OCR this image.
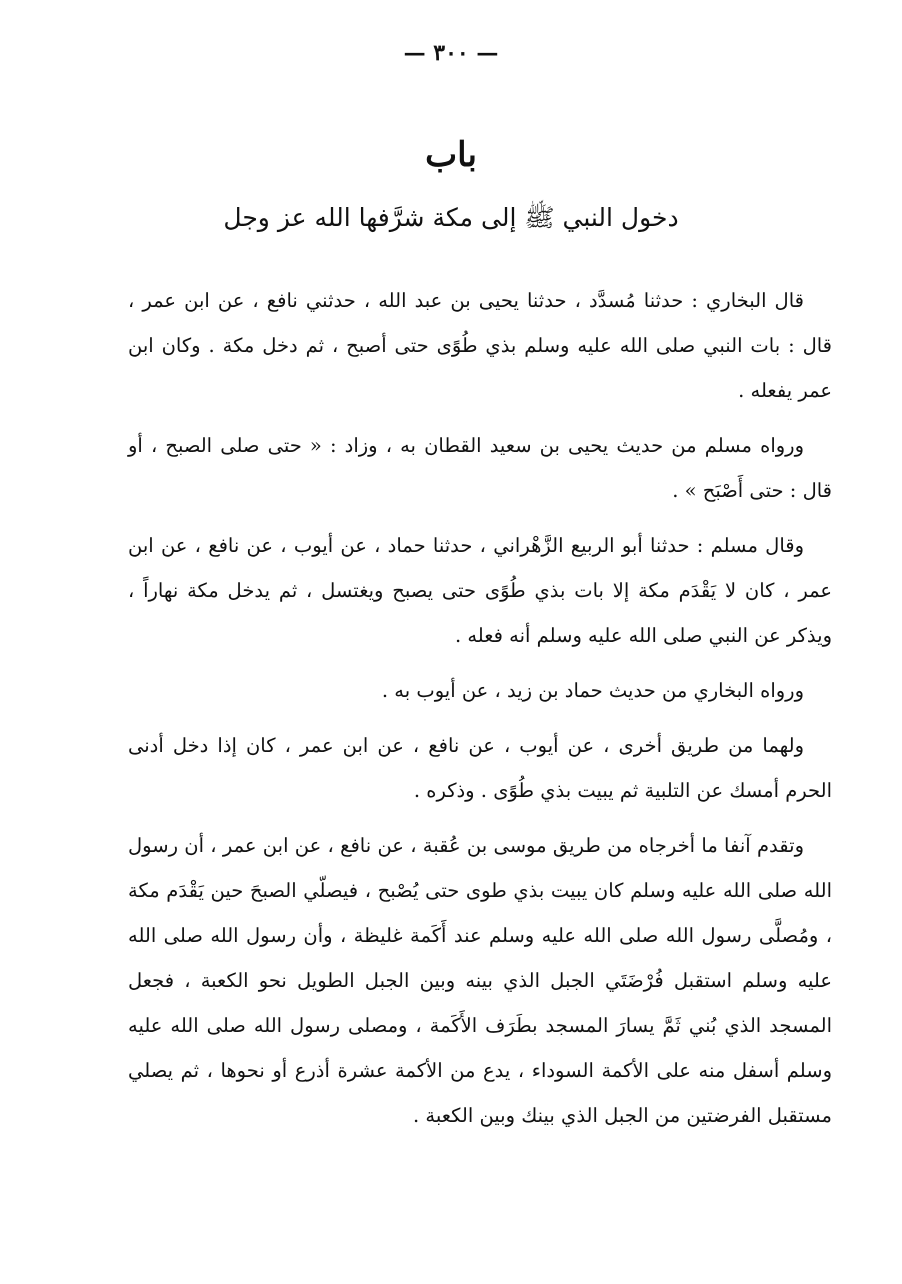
— ٣٠٠ —
باب
دخول النبي ﷺ إلى مكة شرَّفها الله عز وجل

قال البخاري : حدثنا مُسدَّد ، حدثنا يحيى بن عبد الله ، حدثني نافع ، عن ابن عمر ، قال : بات النبي صلى الله عليه وسلم بذي طُوًى حتى أصبح ، ثم دخل مكة . وكان ابن عمر يفعله .

ورواه مسلم من حديث يحيى بن سعيد القطان به ، وزاد : « حتى صلى الصبح ، أو قال : حتى أَصْبَح » .

وقال مسلم : حدثنا أبو الربيع الزَّهْراني ، حدثنا حماد ، عن أيوب ، عن نافع ، عن ابن عمر ، كان لا يَقْدَم مكة إلا بات بذي طُوًى حتى يصبح ويغتسل ، ثم يدخل مكة نهاراً ، ويذكر عن النبي صلى الله عليه وسلم أنه فعله .

ورواه البخاري من حديث حماد بن زيد ، عن أيوب به .

ولهما من طريق أخرى ، عن أيوب ، عن نافع ، عن ابن عمر ، كان إذا دخل أدنى الحرم أمسك عن التلبية ثم يبيت بذي طُوًى . وذكره .

وتقدم آنفا ما أخرجاه من طريق موسى بن عُقبة ، عن نافع ، عن ابن عمر ، أن رسول الله صلى الله عليه وسلم كان يبيت بذي طوى حتى يُصْبح ، فيصلّي الصبحَ حين يَقْدَم مكة ، ومُصلَّى رسول الله صلى الله عليه وسلم عند أَكَمة غليظة ، وأن رسول الله صلى الله عليه وسلم استقبل فُرْضَتَي الجبل الذي بينه وبين الجبل الطويل نحو الكعبة ، فجعل المسجد الذي بُني ثَمَّ يسارَ المسجد بطَرَف الأَكَمة ، ومصلى رسول الله صلى الله عليه وسلم أسفل منه على الأكمة السوداء ، يدع من الأكمة عشرة أذرع أو نحوها ، ثم يصلي مستقبل الفرضتين من الجبل الذي بينك وبين الكعبة .
